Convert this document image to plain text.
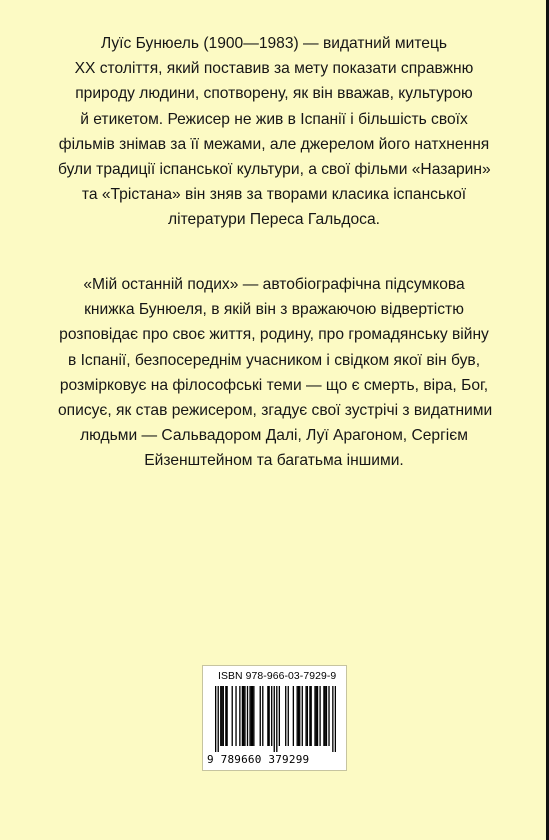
Луїс Бунюель (1900—1983) — видатний митець
XX століття, який поставив за мету показати справжню
природу людини, спотворену, як він вважав, культурою
й етикетом. Режисер не жив в Іспанії і більшість своїх
фільмів знімав за її межами, але джерелом його натхнення
були традиції іспанської культури, а свої фільми «Назарин»
та «Трістана» він зняв за творами класика іспанської
літератури Переса Гальдоса.
«Мій останній подих» — автобіографічна підсумкова
книжка Бунюеля, в якій він з вражаючою відвертістю
розповідає про своє життя, родину, про громадянську війну
в Іспанії, безпосереднім учасником і свідком якої він був,
розмірковує на філософські теми — що є смерть, віра, Бог,
описує, як став режисером, згадує свої зустрічі з видатними
людьми — Сальвадором Далі, Луї Арагоном, Сергієм
Ейзенштейном та багатьма іншими.
ISBN 978-966-03-7929-9
9 789660 379299
